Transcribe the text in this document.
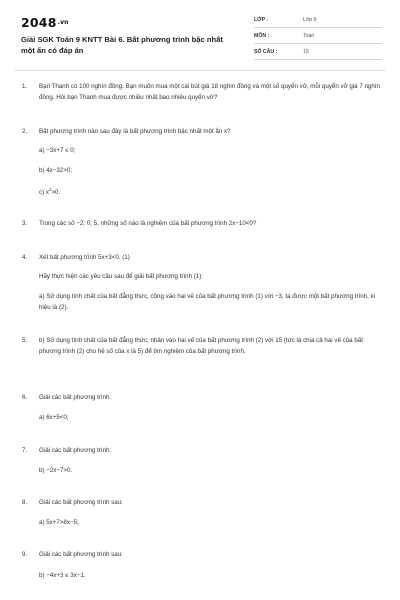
$2048^{.vn}$
Giải SGK Toán 9 KNTT Bài 6. Bất phương trình bậc nhất một ẩn có đáp án
LỚP :	Lớp 9
MÔN :	Toán
SỐ CÂU :	15
1.	Bạn Thanh có 100 nghìn đồng. Bạn muốn mua một cái bút giá 18 nghìn đồng và một số quyển vở, mỗi quyển vở giá 7 nghìn đồng. Hỏi bạn Thanh mua được nhiều nhất bao nhiêu quyển vở?
2.	Bất phương trình nào sau đây là bất phương trình bậc nhất một ẩn x?
a) −3x+7 ≤ 0;
b) 4x−32>0;
c) $x^2>0$.
3.	Trong các số −2; 0; 5, những số nào là nghiệm của bất phương trình 2x−10<0?
4.	Xét bất phương trình 5x+3<0. (1)
Hãy thực hiện các yêu cầu sau để giải bất phương trình (1):
a) Sử dụng tính chất của bất đẳng thức, cộng vào hai vế của bất phương trình (1) với −3, ta được một bất phương trình, kí hiệu là (2).
5.	b) Sử dụng tính chất của bất đẳng thức, nhân vào hai vế của bất phương trình (2) với 15 (tức là chia cả hai vế của bất phương trình (2) cho hệ số của x là 5) để tìm nghiệm của bất phương trình.
6.	Giải các bất phương trình:
a) 6x+5<0;
7.	Giải các bất phương trình:
b) −2x−7>0.
8.	Giải các bất phương trình sau:
a) 5x+7>8x−5;
9.	Giải các bất phương trình sau:
b) −4x+3 ≤ 3x−1.
